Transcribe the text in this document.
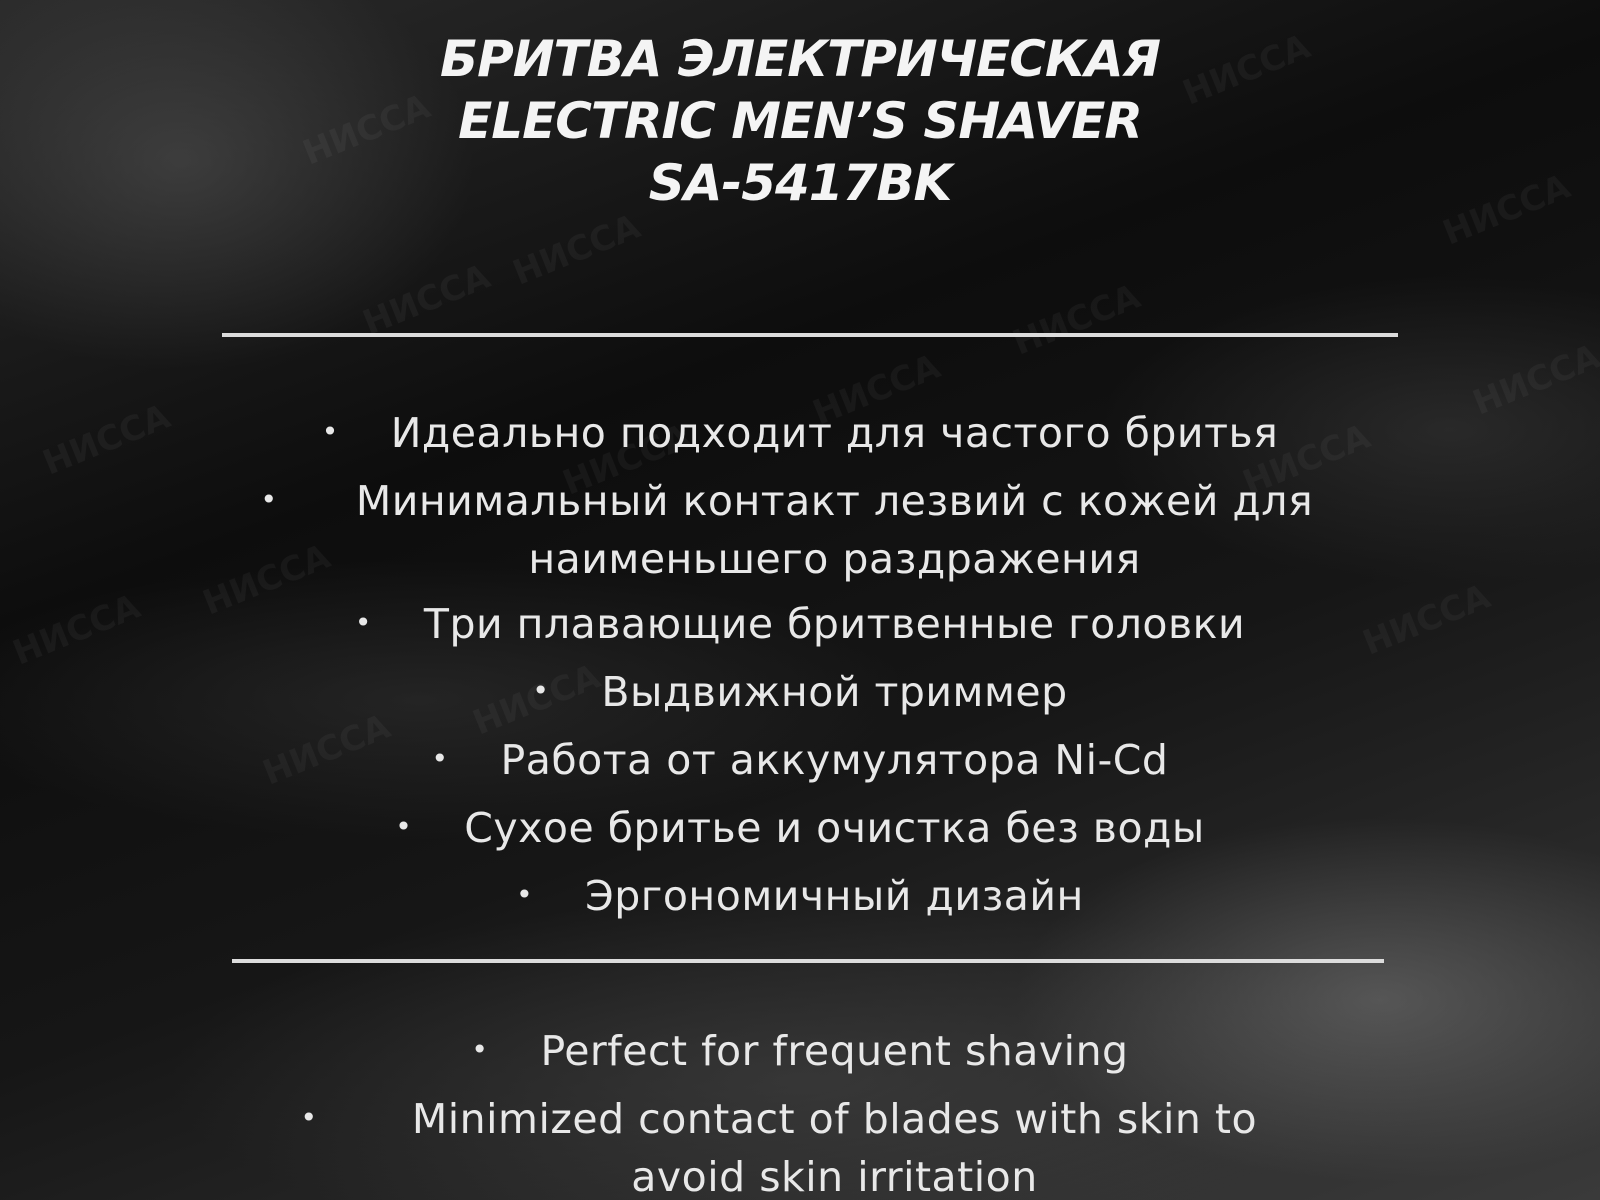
БРИТВА ЭЛЕКТРИЧЕСКАЯ
ELECTRIC MEN’S SHAVER
SA-5417BK
• Идеально подходит для частого бритья
• Минимальный контакт лезвий с кожей для наименьшего раздражения
• Три плавающие бритвенные головки
• Выдвижной триммер
• Работа от аккумулятора Ni-Cd
• Сухое бритье и очистка без воды
• Эргономичный дизайн
• Perfect for frequent shaving
• Minimized contact of blades with skin to avoid skin irritation
